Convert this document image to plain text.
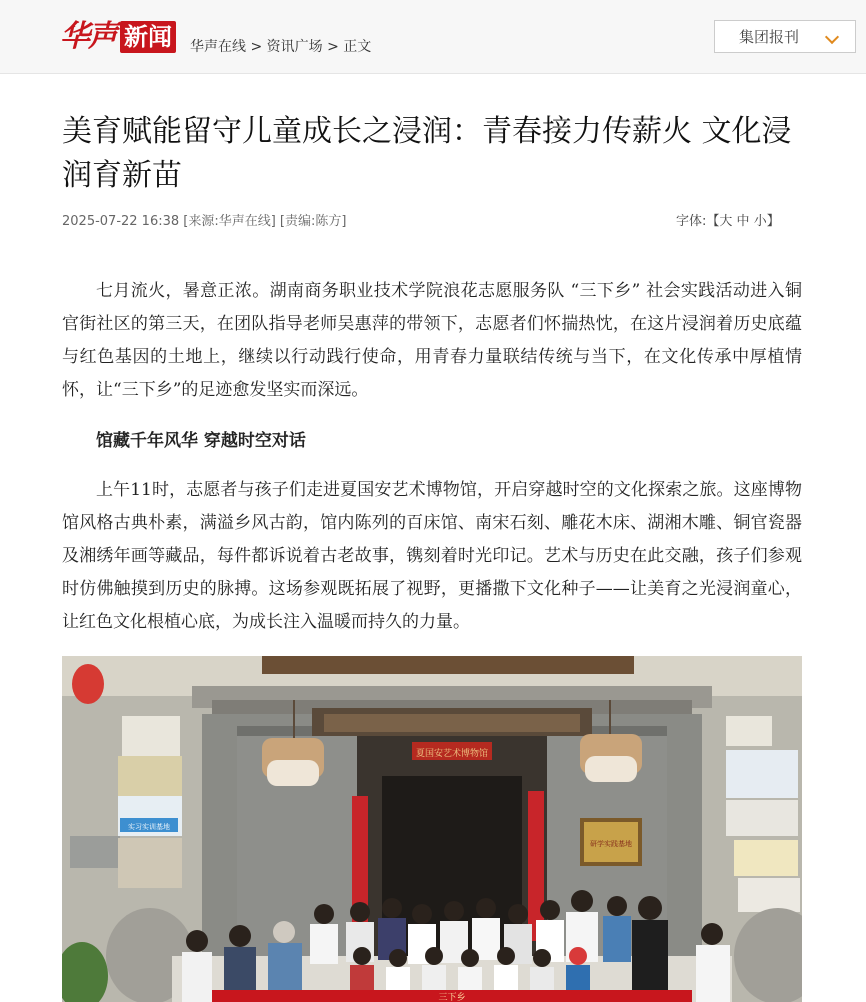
华声 新闻 华声在线 > 资讯广场 > 正文
集团报刊
美育赋能留守儿童成长之浸润：青春接力传薪火 文化浸润育新苗
2025-07-22 16:38 [来源:华声在线] [责编:陈方]	字体:【大 中 小】

七月流火，暑意正浓。湖南商务职业技术学院浪花志愿服务队 “三下乡” 社会实践活动进入铜官街社区的第三天，在团队指导老师吴惠萍的带领下，志愿者们怀揣热忱，在这片浸润着历史底蕴与红色基因的土地上，继续以行动践行使命，用青春力量联结传统与当下，在文化传承中厚植情怀，让“三下乡”的足迹愈发坚实而深远。

馆藏千年风华 穿越时空对话

上午11时，志愿者与孩子们走进夏国安艺术博物馆，开启穿越时空的文化探索之旅。这座博物馆风格古典朴素，满溢乡风古韵，馆内陈列的百床馆、南宋石刻、雕花木床、湖湘木雕、铜官瓷器及湘绣年画等藏品，每件都诉说着古老故事，镌刻着时光印记。艺术与历史在此交融，孩子们参观时仿佛触摸到历史的脉搏。这场参观既拓展了视野，更播撒下文化种子——让美育之光浸润童心，让红色文化根植心底，为成长注入温暖而持久的力量。

夏国安艺术博物馆
实习实训基地
研学实践基地
三下乡
